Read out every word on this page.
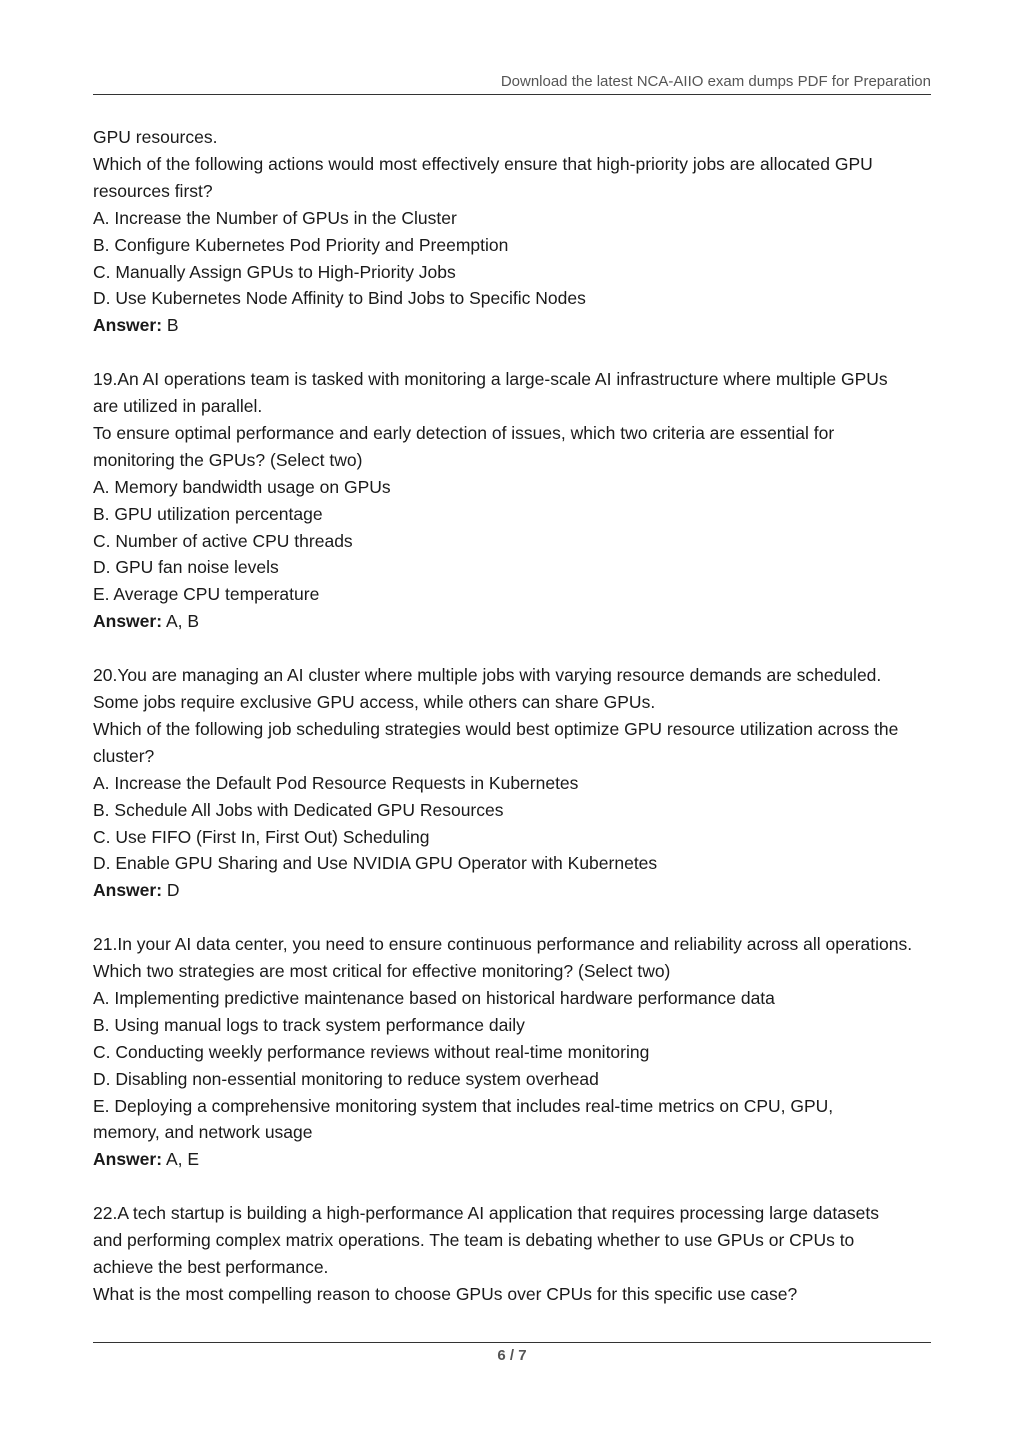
Download the latest NCA-AIIO exam dumps PDF for Preparation
GPU resources.
Which of the following actions would most effectively ensure that high-priority jobs are allocated GPU
resources first?
A. Increase the Number of GPUs in the Cluster
B. Configure Kubernetes Pod Priority and Preemption
C. Manually Assign GPUs to High-Priority Jobs
D. Use Kubernetes Node Affinity to Bind Jobs to Specific Nodes
Answer: B
19.An AI operations team is tasked with monitoring a large-scale AI infrastructure where multiple GPUs
are utilized in parallel.
To ensure optimal performance and early detection of issues, which two criteria are essential for
monitoring the GPUs? (Select two)
A. Memory bandwidth usage on GPUs
B. GPU utilization percentage
C. Number of active CPU threads
D. GPU fan noise levels
E. Average CPU temperature
Answer: A, B
20.You are managing an AI cluster where multiple jobs with varying resource demands are scheduled.
Some jobs require exclusive GPU access, while others can share GPUs.
Which of the following job scheduling strategies would best optimize GPU resource utilization across the
cluster?
A. Increase the Default Pod Resource Requests in Kubernetes
B. Schedule All Jobs with Dedicated GPU Resources
C. Use FIFO (First In, First Out) Scheduling
D. Enable GPU Sharing and Use NVIDIA GPU Operator with Kubernetes
Answer: D
21.In your AI data center, you need to ensure continuous performance and reliability across all operations.
Which two strategies are most critical for effective monitoring? (Select two)
A. Implementing predictive maintenance based on historical hardware performance data
B. Using manual logs to track system performance daily
C. Conducting weekly performance reviews without real-time monitoring
D. Disabling non-essential monitoring to reduce system overhead
E. Deploying a comprehensive monitoring system that includes real-time metrics on CPU, GPU,
memory, and network usage
Answer: A, E
22.A tech startup is building a high-performance AI application that requires processing large datasets
and performing complex matrix operations. The team is debating whether to use GPUs or CPUs to
achieve the best performance.
What is the most compelling reason to choose GPUs over CPUs for this specific use case?
6 / 7
